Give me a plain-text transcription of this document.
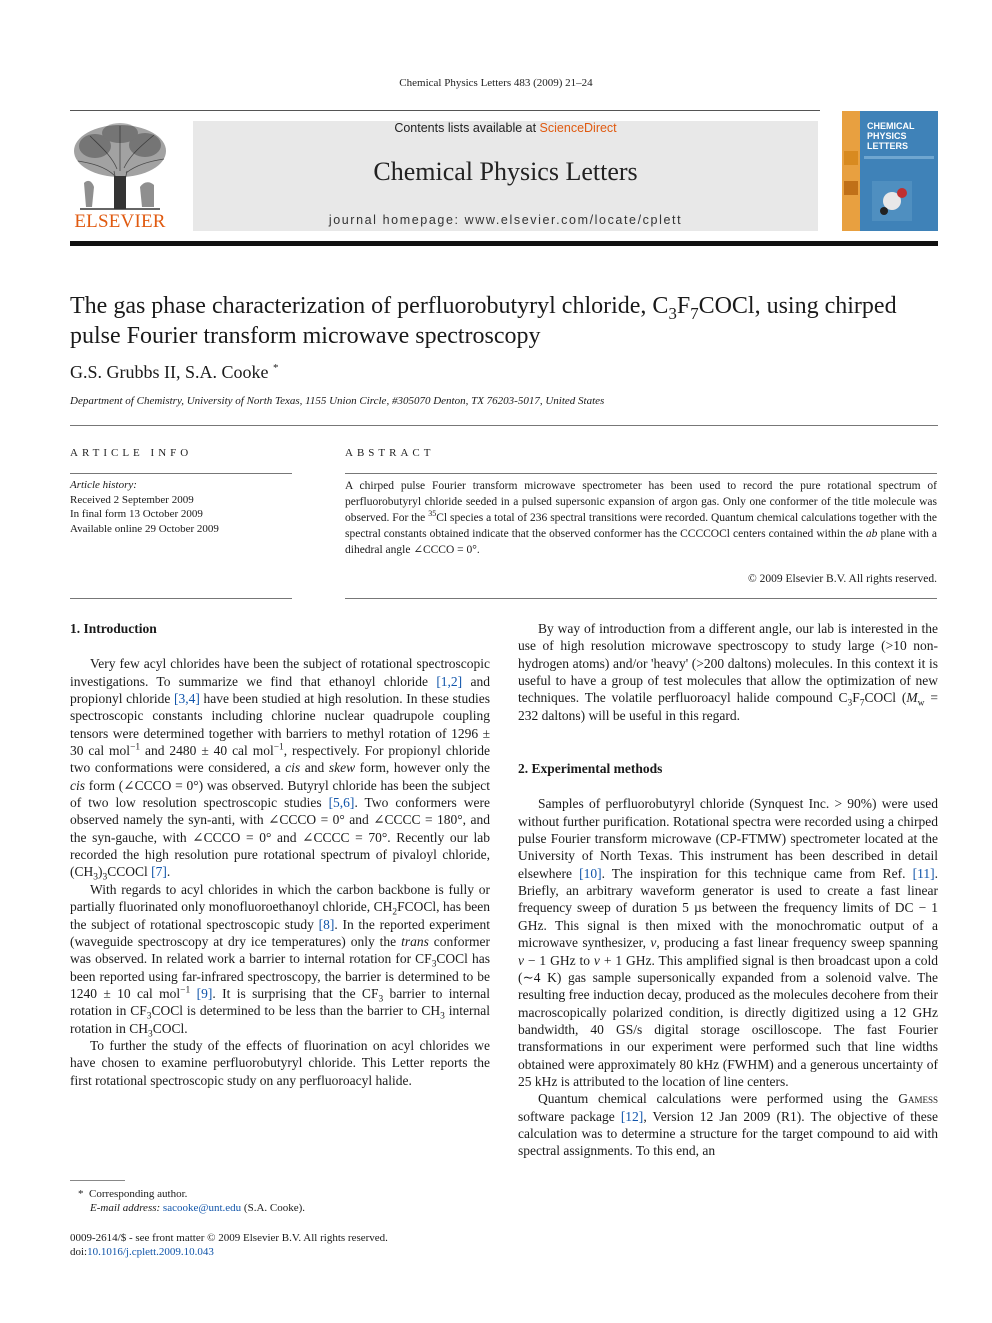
Chemical Physics Letters 483 (2009) 21–24
ELSEVIER
Contents lists available at ScienceDirect
Chemical Physics Letters
journal homepage: www.elsevier.com/locate/cplett
CHEMICAL PHYSICS LETTERS
The gas phase characterization of perfluorobutyryl chloride, $C_3F_7COCl$, using chirped pulse Fourier transform microwave spectroscopy
G.S. Grubbs II, S.A. Cooke *
Department of Chemistry, University of North Texas, 1155 Union Circle, #305070 Denton, TX 76203-5017, United States
ARTICLE INFO
Article history:
Received 2 September 2009
In final form 13 October 2009
Available online 29 October 2009
ABSTRACT
A chirped pulse Fourier transform microwave spectrometer has been used to record the pure rotational spectrum of perfluorobutyryl chloride seeded in a pulsed supersonic expansion of argon gas. Only one conformer of the title molecule was observed. For the $^{35}$Cl species a total of 236 spectral transitions were recorded. Quantum chemical calculations together with the spectral constants obtained indicate that the observed conformer has the CCCCOCl centers contained within the ab plane with a dihedral angle ∠CCCO = 0°.
© 2009 Elsevier B.V. All rights reserved.
1. Introduction

Very few acyl chlorides have been the subject of rotational spectroscopic investigations. To summarize we find that ethanoyl chloride [1,2] and propionyl chloride [3,4] have been studied at high resolution. In these studies spectroscopic constants including chlorine nuclear quadrupole coupling tensors were determined together with barriers to methyl rotation of 1296 ± 30 cal mol$^{-1}$ and 2480 ± 40 cal mol$^{-1}$, respectively. For propionyl chloride two conformations were considered, a cis and skew form, however only the cis form (∠CCCO = 0°) was observed. Butyryl chloride has been the subject of two low resolution spectroscopic studies [5,6]. Two conformers were observed namely the syn-anti, with ∠CCCO = 0° and ∠CCCC = 180°, and the syn-gauche, with ∠CCCO = 0° and ∠CCCC = 70°. Recently our lab recorded the high resolution pure rotational spectrum of pivaloyl chloride, $(CH_3)_3CCOCl$ [7].

With regards to acyl chlorides in which the carbon backbone is fully or partially fluorinated only monofluoroethanoyl chloride, $CH_2FCOCl$, has been the subject of rotational spectroscopic study [8]. In the reported experiment (waveguide spectroscopy at dry ice temperatures) only the trans conformer was observed. In related work a barrier to internal rotation for $CF_3COCl$ has been reported using far-infrared spectroscopy, the barrier is determined to be 1240 ± 10 cal mol$^{-1}$ [9]. It is surprising that the $CF_3$ barrier to internal rotation in $CF_3COCl$ is determined to be less than the barrier to $CH_3$ internal rotation in $CH_3COCl$.

To further the study of the effects of fluorination on acyl chlorides we have chosen to examine perfluorobutyryl chloride. This Letter reports the first rotational spectroscopic study on any perfluoroacyl halide.

* Corresponding author.
E-mail address: sacooke@unt.edu (S.A. Cooke).
0009-2614/$ - see front matter © 2009 Elsevier B.V. All rights reserved.
doi:10.1016/j.cplett.2009.10.043

By way of introduction from a different angle, our lab is interested in the use of high resolution microwave spectroscopy to study large (>10 non-hydrogen atoms) and/or 'heavy' (>200 daltons) molecules. In this context it is useful to have a group of test molecules that allow the optimization of new techniques. The volatile perfluoroacyl halide compound $C_3F_7COCl$ ($M_w = 232$ daltons) will be useful in this regard.

2. Experimental methods

Samples of perfluorobutyryl chloride (Synquest Inc. > 90%) were used without further purification. Rotational spectra were recorded using a chirped pulse Fourier transform microwave (CP-FTMW) spectrometer located at the University of North Texas. This instrument has been described in detail elsewhere [10]. The inspiration for this technique came from Ref. [11]. Briefly, an arbitrary waveform generator is used to create a fast linear frequency sweep of duration 5 µs between the frequency limits of DC − 1 GHz. This signal is then mixed with the monochromatic output of a microwave synthesizer, ν, producing a fast linear frequency sweep spanning ν − 1 GHz to ν + 1 GHz. This amplified signal is then broadcast upon a cold (∼4 K) gas sample supersonically expanded from a solenoid valve. The resulting free induction decay, produced as the molecules decohere from their macroscopically polarized condition, is directly digitized using a 12 GHz bandwidth, 40 GS/s digital storage oscilloscope. The fast Fourier transformations in our experiment were performed such that line widths obtained were approximately 80 kHz (FWHM) and a generous uncertainty of 25 kHz is attributed to the location of line centers.

Quantum chemical calculations were performed using the Gamess software package [12], Version 12 Jan 2009 (R1). The objective of these calculation was to determine a structure for the target compound to aid with spectral assignments. To this end, an
